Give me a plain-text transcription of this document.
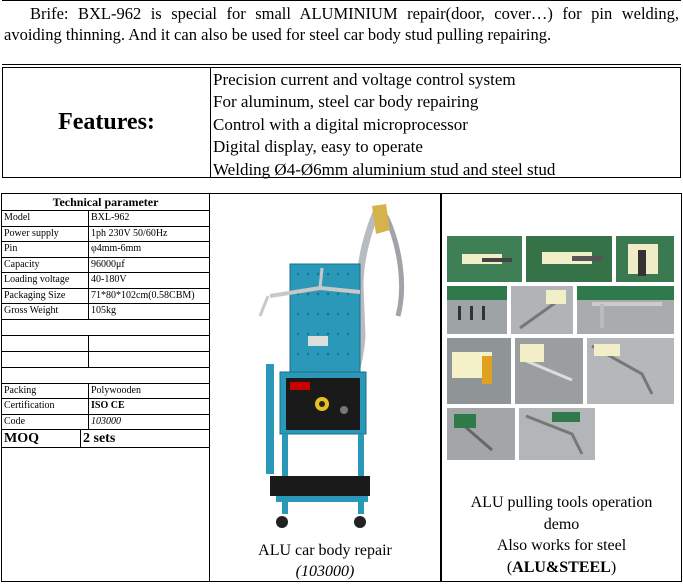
Brife: BXL-962 is special for small ALUMINIUM repair(door, cover…) for pin welding, avoiding thinning. And it can also be used for steel car body stud pulling repairing.
Features:
Precision current and voltage control system
For aluminum, steel car body repairing
Control with a digital microprocessor
Digital display, easy to operate
Welding Ø4-Ø6mm aluminium stud and steel stud
Technical parameter
Model	BXL-962
Power supply	1ph 230V 50/60Hz
Pin	φ4mm-6mm
Capacity	96000μf
Loading voltage	40-180V
Packaging Size	71*80*102cm(0.58CBM)
Gross Weight	105kg
Packing	Polywooden
Certification	ISO CE
Code	103000
MOQ	2 sets
ALU car body repair
(103000)
ALU pulling tools operation
demo
Also works for steel
(ALU&STEEL)
